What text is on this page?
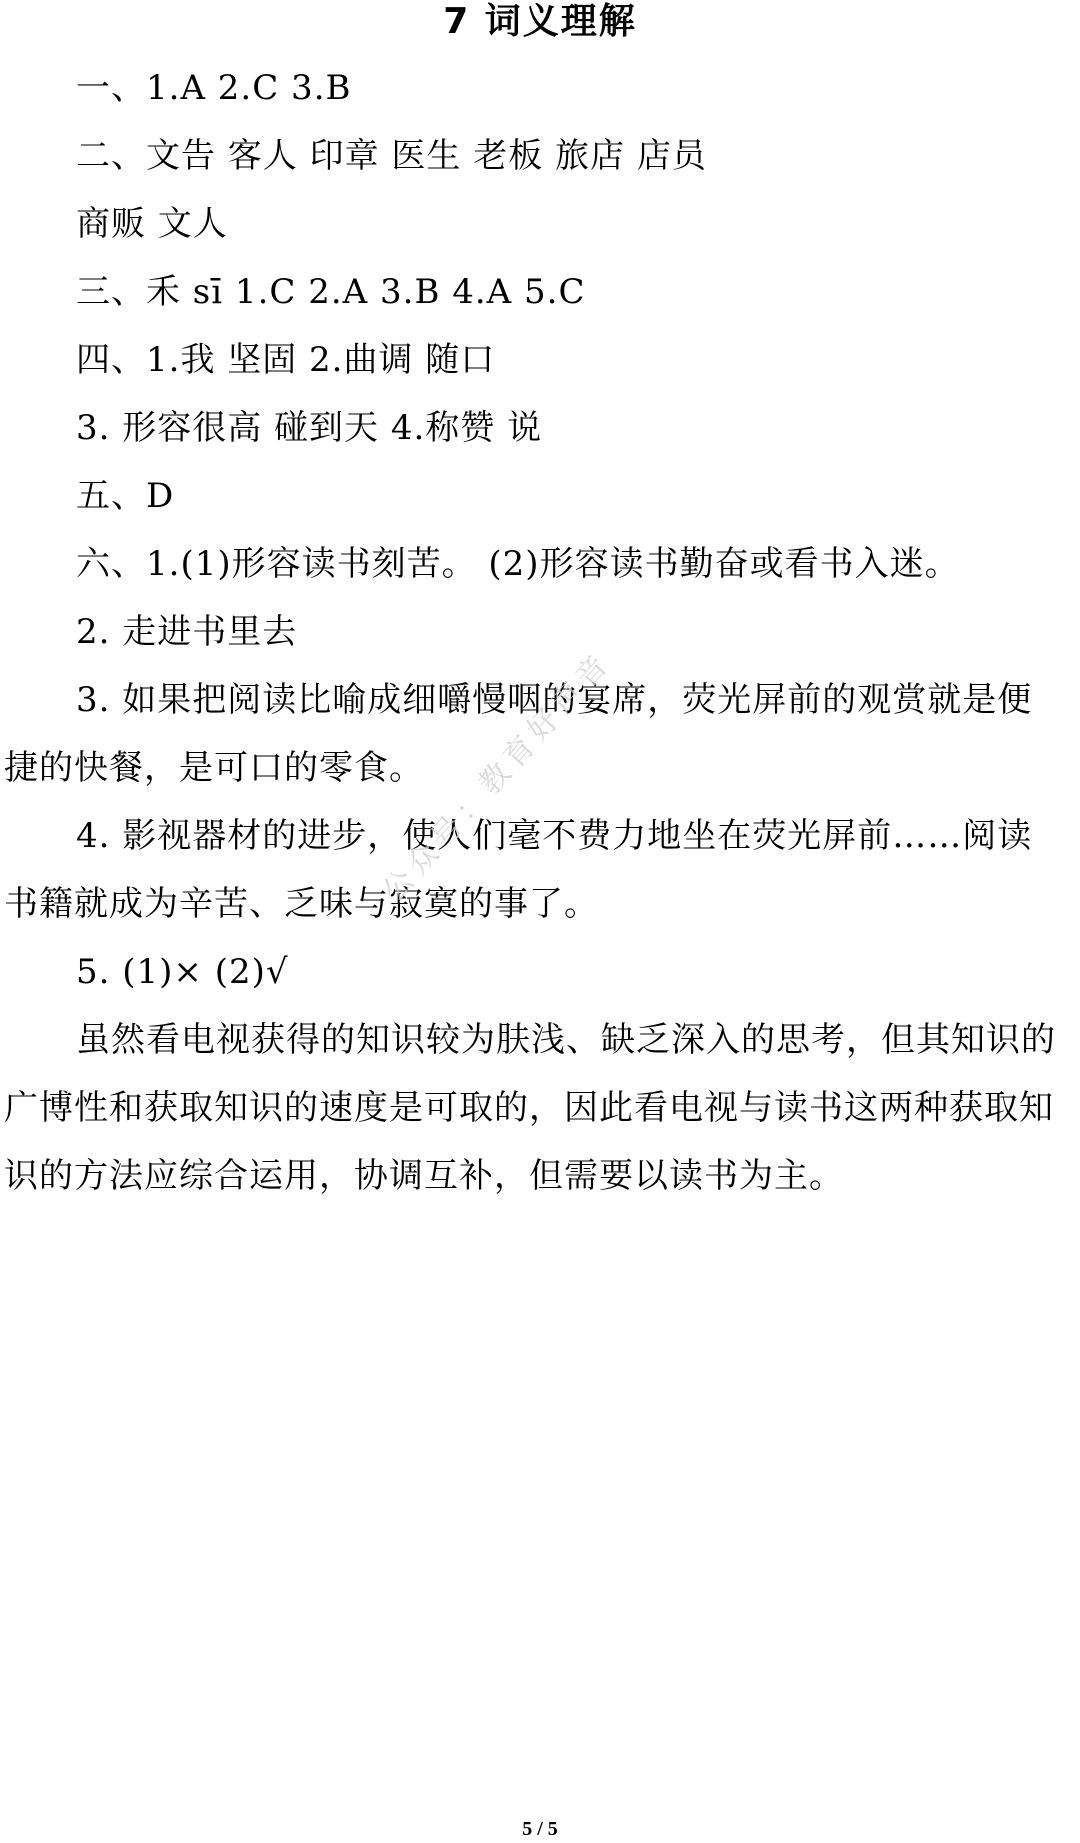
7 词义理解
一、1.A 2.C 3.B
二、文告 客人 印章 医生 老板 旅店 店员
商贩 文人
三、禾 sī 1.C 2.A 3.B 4.A 5.C
四、1.我 坚固 2.曲调 随口
3. 形容很高 碰到天 4.称赞 说
五、D
六、1.(1)形容读书刻苦。 (2)形容读书勤奋或看书入迷。
2. 走进书里去
3. 如果把阅读比喻成细嚼慢咽的宴席，荧光屏前的观赏就是便
捷的快餐，是可口的零食。
4. 影视器材的进步，使人们毫不费力地坐在荧光屏前……阅读
书籍就成为辛苦、乏味与寂寞的事了。
5. (1)× (2)√
虽然看电视获得的知识较为肤浅、缺乏深入的思考，但其知识的
广博性和获取知识的速度是可取的，因此看电视与读书这两种获取知
识的方法应综合运用，协调互补，但需要以读书为主。
公众号：教育好声音
5 / 5
